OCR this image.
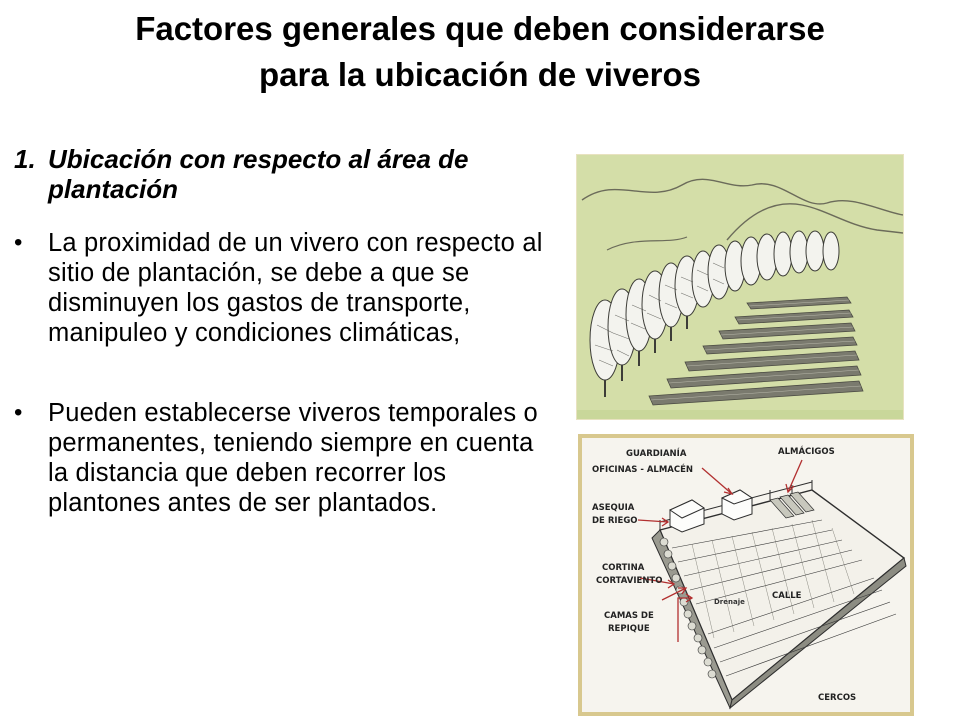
Factores generales que deben considerarse
para la ubicación de viveros
1. Ubicación con respecto al área de plantación
•	La proximidad de un vivero con respecto al sitio de plantación, se debe a que se disminuyen los gastos de transporte, manipuleo y condiciones climáticas,
•	Pueden establecerse viveros temporales o permanentes, teniendo siempre en cuenta la distancia que deben recorrer los plantones antes de ser plantados.
GUARDIANÍA
OFICINAS - ALMACÉN
ALMÁCIGOS
ASEQUIA
DE RIEGO
CORTINA
CORTAVIENTO
Drenaje
CALLE
CAMAS DE
REPIQUE
CERCOS
